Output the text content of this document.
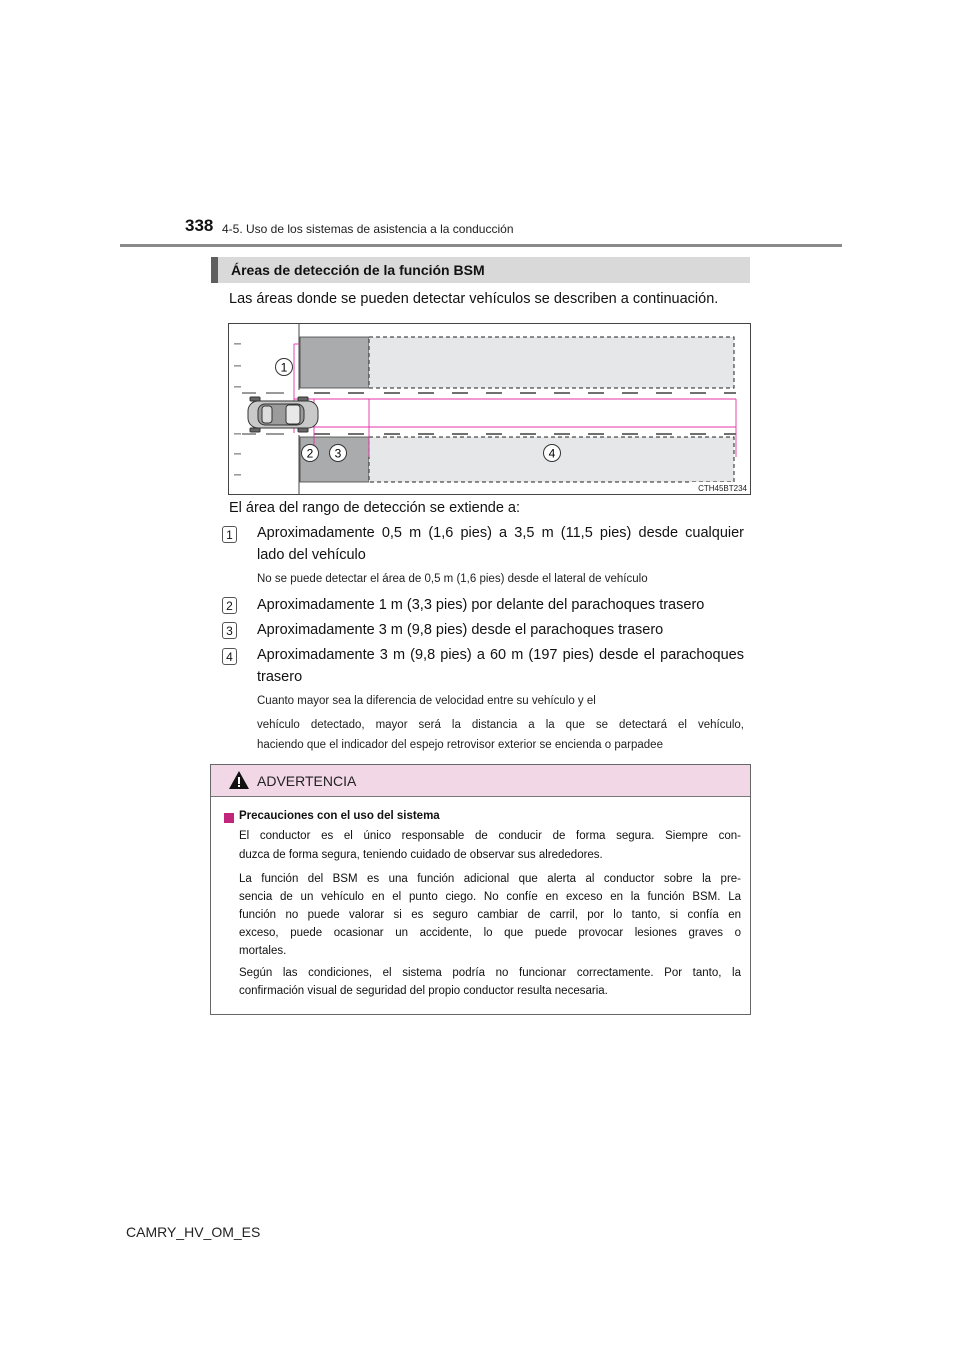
338 4-5. Uso de los sistemas de asistencia a la conducción
Áreas de detección de la función BSM
Las áreas donde se pueden detectar vehículos se describen a continuación.
1
2 3	4
CTH45BT234
El área del rango de detección se extiende a:
1 Aproximadamente 0,5 m (1,6 pies) a 3,5 m (11,5 pies) desde cualquier
lado del vehículo
No se puede detectar el área de 0,5 m (1,6 pies) desde el lateral de vehículo
2 Aproximadamente 1 m (3,3 pies) por delante del parachoques trasero
3 Aproximadamente 3 m (9,8 pies) desde el parachoques trasero
4 Aproximadamente 3 m (9,8 pies) a 60 m (197 pies) desde el parachoques
trasero
Cuanto mayor sea la diferencia de velocidad entre su vehículo y el
vehículo detectado, mayor será la distancia a la que se detectará el vehículo,
haciendo que el indicador del espejo retrovisor exterior se encienda o parpadee
ADVERTENCIA
Precauciones con el uso del sistema
El conductor es el único responsable de conducir de forma segura. Siempre con-
duzca de forma segura, teniendo cuidado de observar sus alrededores.
La función del BSM es una función adicional que alerta al conductor sobre la pre-
sencia de un vehículo en el punto ciego. No confíe en exceso en la función BSM. La
función no puede valorar si es seguro cambiar de carril, por lo tanto, si confía en
exceso, puede ocasionar un accidente, lo que puede provocar lesiones graves o
mortales.
Según las condiciones, el sistema podría no funcionar correctamente. Por tanto, la
confirmación visual de seguridad del propio conductor resulta necesaria.
CAMRY_HV_OM_ES
